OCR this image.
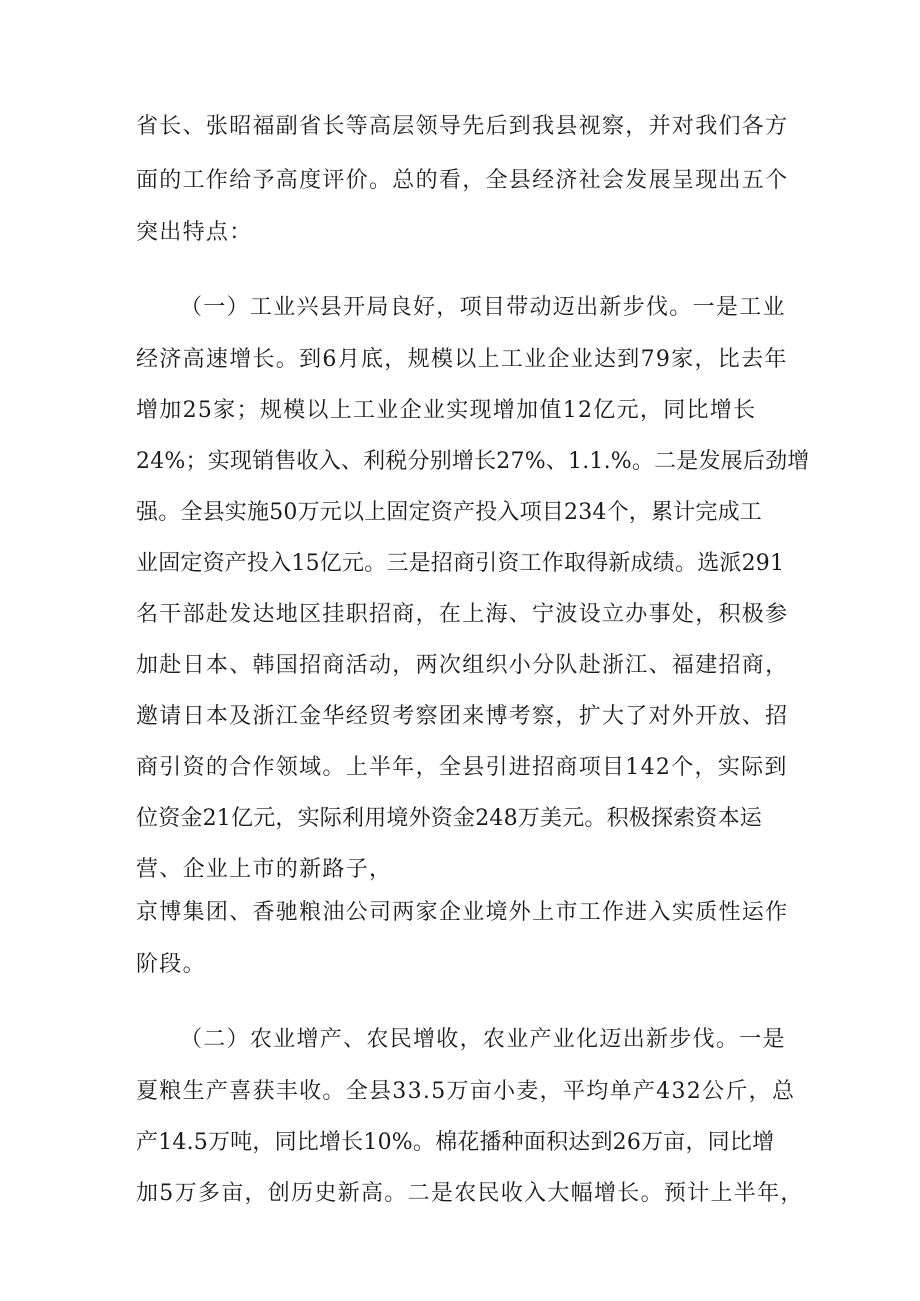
省长、张昭福副省长等高层领导先后到我县视察，并对我们各方
面的工作给予高度评价。总的看，全县经济社会发展呈现出五个
突出特点：
（一）工业兴县开局良好，项目带动迈出新步伐。一是工业
经济高速增长。到6月底，规模以上工业企业达到79家，比去年
增加25家；规模以上工业企业实现增加值12亿元，同比增长
24%；实现销售收入、利税分别增长27%、1.1.%。二是发展后劲增
强。全县实施50万元以上固定资产投入项目234个，累计完成工
业固定资产投入15亿元。三是招商引资工作取得新成绩。选派291
名干部赴发达地区挂职招商，在上海、宁波设立办事处，积极参
加赴日本、韩国招商活动，两次组织小分队赴浙江、福建招商，
邀请日本及浙江金华经贸考察团来博考察，扩大了对外开放、招
商引资的合作领域。上半年，全县引进招商项目142个，实际到
位资金21亿元，实际利用境外资金248万美元。积极探索资本运
营、企业上市的新路子，
京博集团、香驰粮油公司两家企业境外上市工作进入实质性运作
阶段。
（二）农业增产、农民增收，农业产业化迈出新步伐。一是
夏粮生产喜获丰收。全县33.5万亩小麦，平均单产432公斤，总
产14.5万吨，同比增长10%。棉花播种面积达到26万亩，同比增
加5万多亩，创历史新高。二是农民收入大幅增长。预计上半年，
